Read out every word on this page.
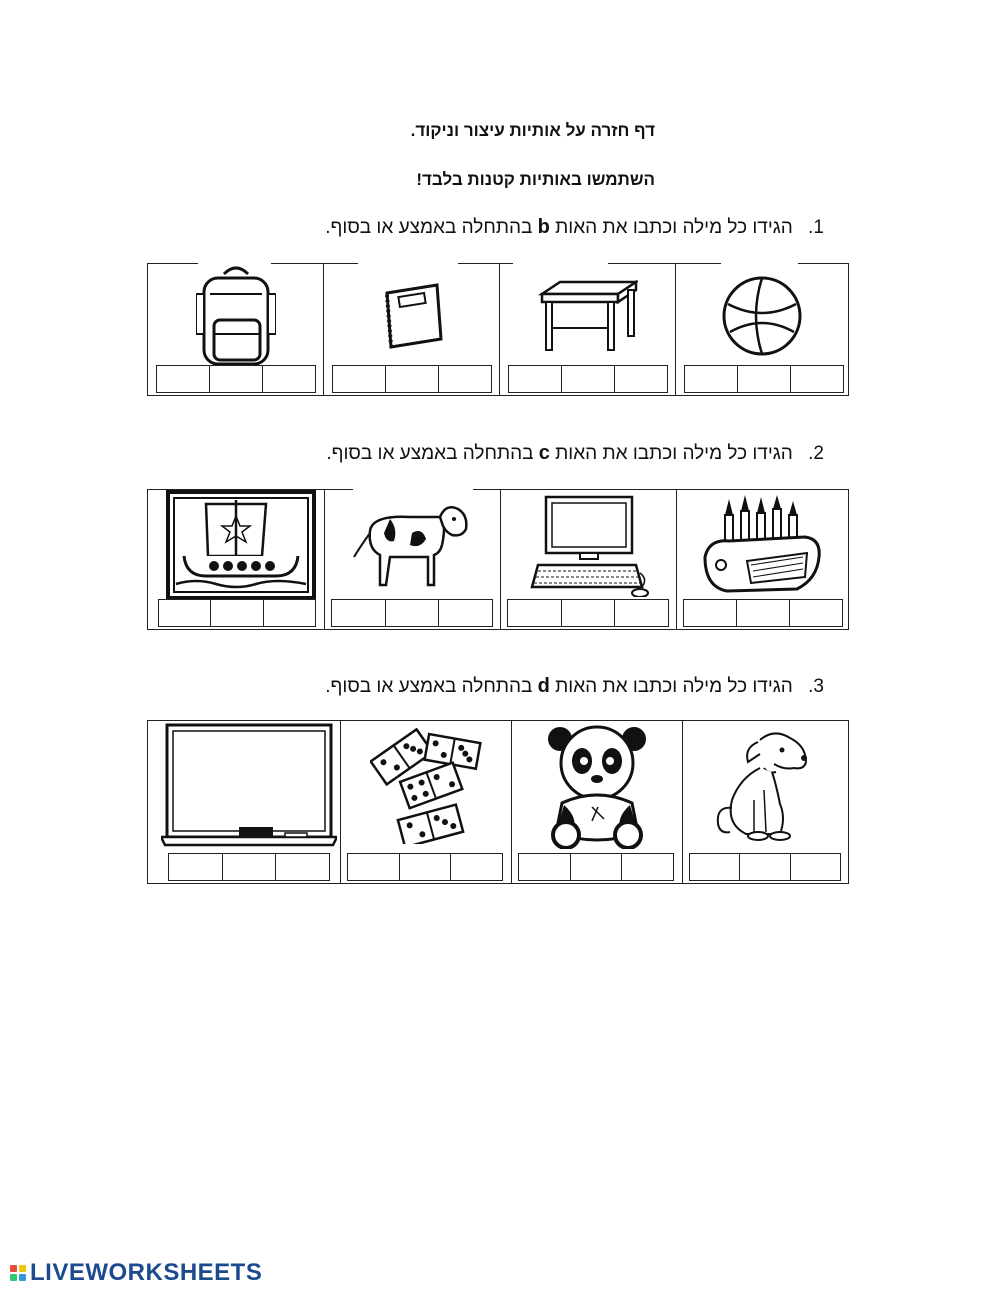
דף חזרה על אותיות עיצור וניקוד.
השתמשו באותיות קטנות בלבד!
1. הגידו כל מילה וכתבו את האות b בהתחלה באמצע או בסוף.
2. הגידו כל מילה וכתבו את האות c בהתחלה באמצע או בסוף.
3. הגידו כל מילה וכתבו את האות d בהתחלה באמצע או בסוף.
LIVEWORKSHEETS
